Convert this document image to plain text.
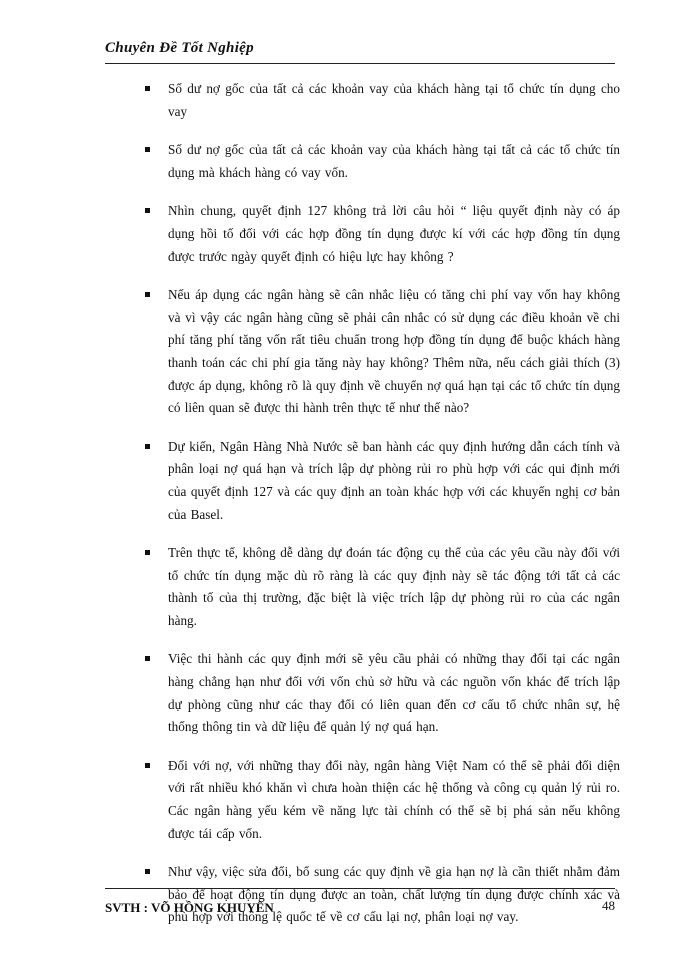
Chuyên Đề Tốt Nghiệp
Số dư nợ gốc của tất cả các khoản vay của khách hàng tại tổ chức tín dụng cho vay
Số dư nợ gốc của tất cả các khoản vay của khách hàng tại tất cả các tổ chức tín dụng mà khách hàng có vay vốn.
Nhìn chung, quyết định 127 không trả lời câu hỏi “ liệu quyết định này có áp dụng hồi tố đối với các hợp đồng tín dụng được kí với các hợp đồng tín dụng được trước ngày quyết định có hiệu lực hay không ?
Nếu áp dụng các ngân hàng sẽ cân nhắc liệu có tăng chi phí vay vốn hay không và vì vậy các ngân hàng cũng sẽ phải cân nhắc có sử dụng các điều khoản về chi phí tăng phí tăng vốn rất tiêu chuẩn trong hợp đồng tín dụng để buộc khách hàng thanh toán các chi phí gia tăng này hay không? Thêm nữa, nếu cách giải thích (3) được áp dụng, không rõ là quy định về chuyển nợ quá hạn tại các tổ chức tín dụng có liên quan sẽ được thi hành trên thực tế như thế nào?
Dự kiến, Ngân Hàng Nhà Nước sẽ ban hành các quy định hướng dẫn cách tính và phân loại nợ quá hạn và trích lập dự phòng rủi ro phù hợp với các qui định mới của quyết định 127 và các quy định an toàn khác hợp với các khuyến nghị cơ bản của Basel.
Trên thực tế, không dễ dàng dự đoán tác động cụ thể của các yêu cầu này đối với tổ chức tín dụng mặc dù rõ ràng là các quy định này sẽ tác động tới tất cả các thành tố của thị trường, đặc biệt là việc trích lập dự phòng rủi ro của các ngân hàng.
Việc thi hành các quy định mới sẽ yêu cầu phải có những thay đổi tại các ngân hàng chẳng hạn như đối với vốn chủ sở hữu và các nguồn vốn khác để trích lập dự phòng cũng như các thay đổi có liên quan đến cơ cấu tổ chức nhân sự, hệ thống thông tin và dữ liệu để quản lý nợ quá hạn.
Đối với nợ, với những thay đổi này, ngân hàng Việt Nam có thể sẽ phải đối diện với rất nhiều khó khăn vì chưa hoàn thiện các hệ thống và công cụ quản lý rủi ro. Các ngân hàng yếu kém về năng lực tài chính có thể sẽ bị phá sản nếu không được tái cấp vốn.
Như vậy, việc sửa đổi, bổ sung các quy định về gia hạn nợ là cần thiết nhằm đảm bảo để hoạt động tín dụng được an toàn, chất lượng tín dụng được chính xác và phù hợp với thông lệ quốc tế về cơ cấu lại nợ, phân loại nợ vay.
SVTH : VÕ HỒNG KHUYÊN	48
